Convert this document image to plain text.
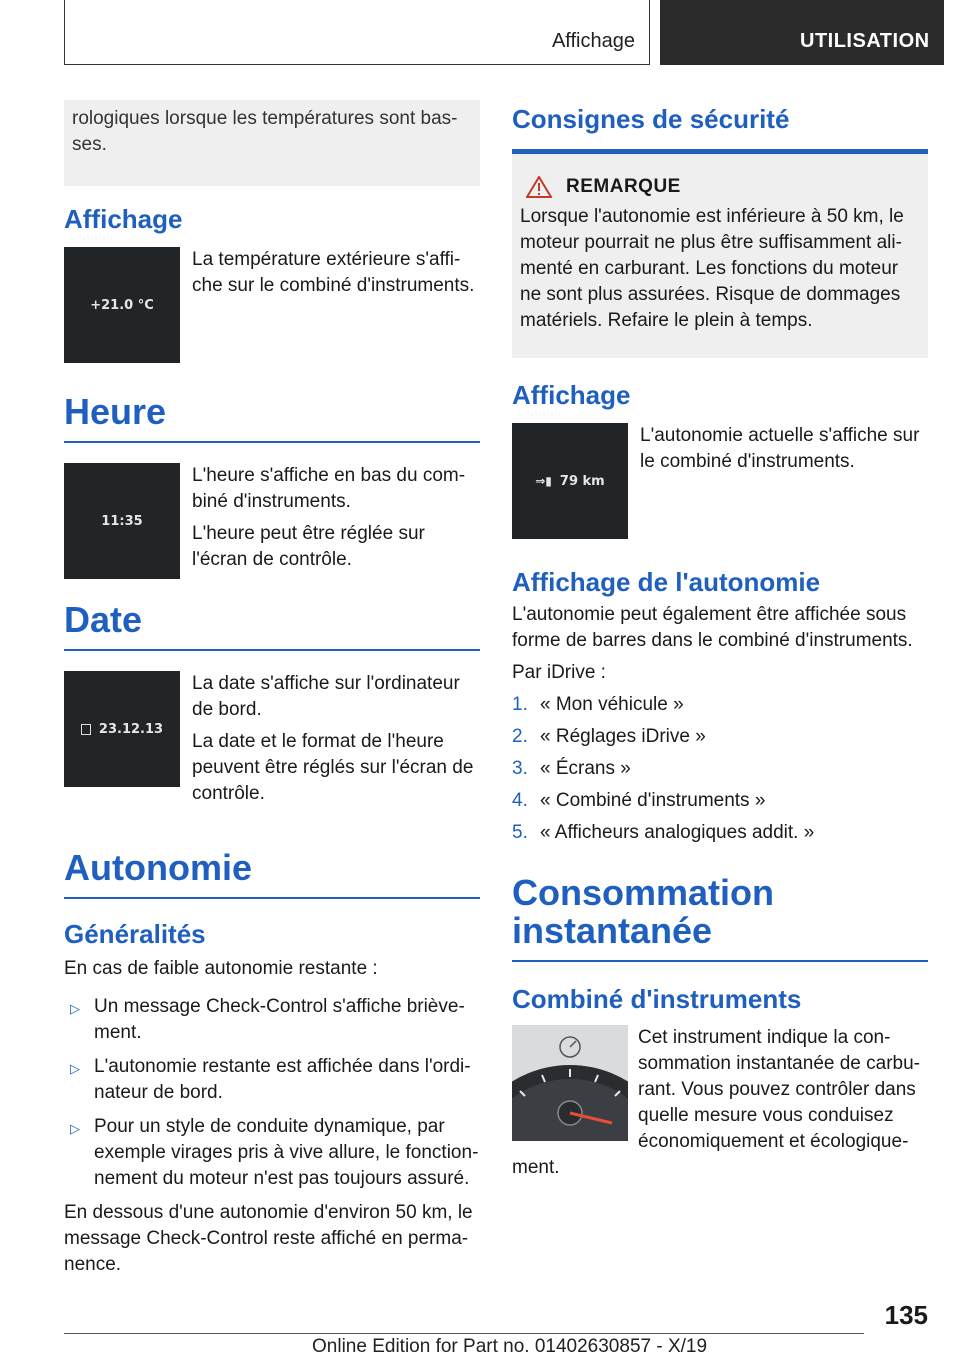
Affichage	UTILISATION

rologiques lorsque les températures sont bas-ses.

Affichage
+21.0 °C

La température extérieure s'affi-che sur le combiné d'instruments.

Heure
11:35

L'heure s'affiche en bas du com-biné d'instruments.

L'heure peut être réglée sur l'écran de contrôle.

Date
23.12.13

La date s'affiche sur l'ordinateur de bord.

La date et le format de l'heure peuvent être réglés sur l'écran de contrôle.

Autonomie
Généralités

En cas de faible autonomie restante :

▷ Un message Check-Control s'affiche briève-ment.
▷ L'autonomie restante est affichée dans l'ordi-nateur de bord.
▷ Pour un style de conduite dynamique, par exemple virages pris à vive allure, le fonction-nement du moteur n'est pas toujours assuré.

En dessous d'une autonomie d'environ 50 km, le message Check-Control reste affiché en perma-nence.

Consignes de sécurité
REMARQUE

Lorsque l'autonomie est inférieure à 50 km, le moteur pourrait ne plus être suffisamment ali-menté en carburant. Les fonctions du moteur ne sont plus assurées. Risque de dommages matériels. Refaire le plein à temps.

Affichage
⇒▮ 79 km

L'autonomie actuelle s'affiche sur le combiné d'instruments.

Affichage de l'autonomie

L'autonomie peut également être affichée sous forme de barres dans le combiné d'instruments.

Par iDrive :

1. « Mon véhicule »
2. « Réglages iDrive »
3. « Écrans »
4. « Combiné d'instruments »
5. « Afficheurs analogiques addit. »
Consommation instantanée
Combiné d'instruments

Cet instrument indique la con-sommation instantanée de carbu-rant. Vous pouvez contrôler dans quelle mesure vous conduisez économiquement et écologique-ment.

135
Online Edition for Part no. 01402630857 - X/19
